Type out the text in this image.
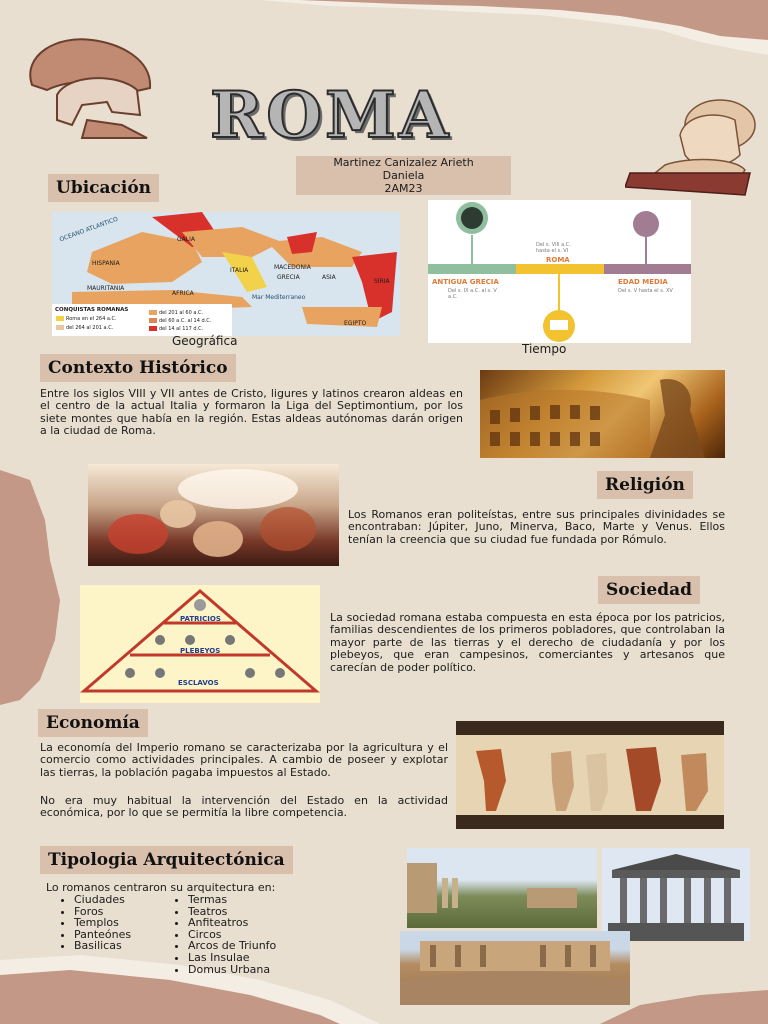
ROMA
Martinez Canizalez Arieth
Daniela
2AM23
Ubicación
OCEANO ATLANTICO	GALIA
HISPANIA
ITALIA	MACEDONIA
GRECIA	ASIA
AFRICA
MAURITANIA
Mar Mediterraneo
SIRIA
EGIPTO
CONQUISTAS ROMANAS
Roma en el 264 a.C.
del 264 al 201 a.C.
del 201 al 60 a.C.
del 60 a.C. al 14 d.C.
del 14 al 117 d.C.
Geográfica
ANTIGUA GRECIA
Del s. IX a.C. al s. V a.C.
Del s. VIII a.C. hasta el s. VI
ROMA
EDAD MEDIA
Del s. V hasta el s. XV
Tiempo
Contexto Histórico
Entre los siglos VIII y VII antes de Cristo, ligures y latinos crearon aldeas en el centro de la actual Italia y formaron la Liga del Septimontium, por los siete montes que había en la región. Estas aldeas autónomas darán origen a la ciudad de Roma.
Religión
Los Romanos eran politeístas, entre sus principales divinidades se encontraban: Júpiter, Juno, Minerva, Baco, Marte y Venus. Ellos tenían la creencia que su ciudad fue fundada por Rómulo.
Sociedad
PATRICIOS
PLEBEYOS
ESCLAVOS
La sociedad romana estaba compuesta en esta época por los patricios, familias descendientes de los primeros pobladores, que controlaban la mayor parte de las tierras y el derecho de ciudadanía y por los plebeyos, que eran campesinos, comerciantes y artesanos que carecían de poder político.
Economía
La economía del Imperio romano se caracterizaba por la agricultura y el comercio como actividades principales. A cambio de poseer y explotar las tierras, la población pagaba impuestos al Estado.
No era muy habitual la intervención del Estado en la actividad económica, por lo que se permitía la libre competencia.
Tipologia Arquitectónica
Lo romanos centraron su arquitectura en:
• Ciudades
• Foros
• Templos
• Panteónes
• Basilicas
• Termas
• Teatros
• Anfiteatros
• Circos
• Arcos de Triunfo
• Las Insulae
• Domus Urbana
